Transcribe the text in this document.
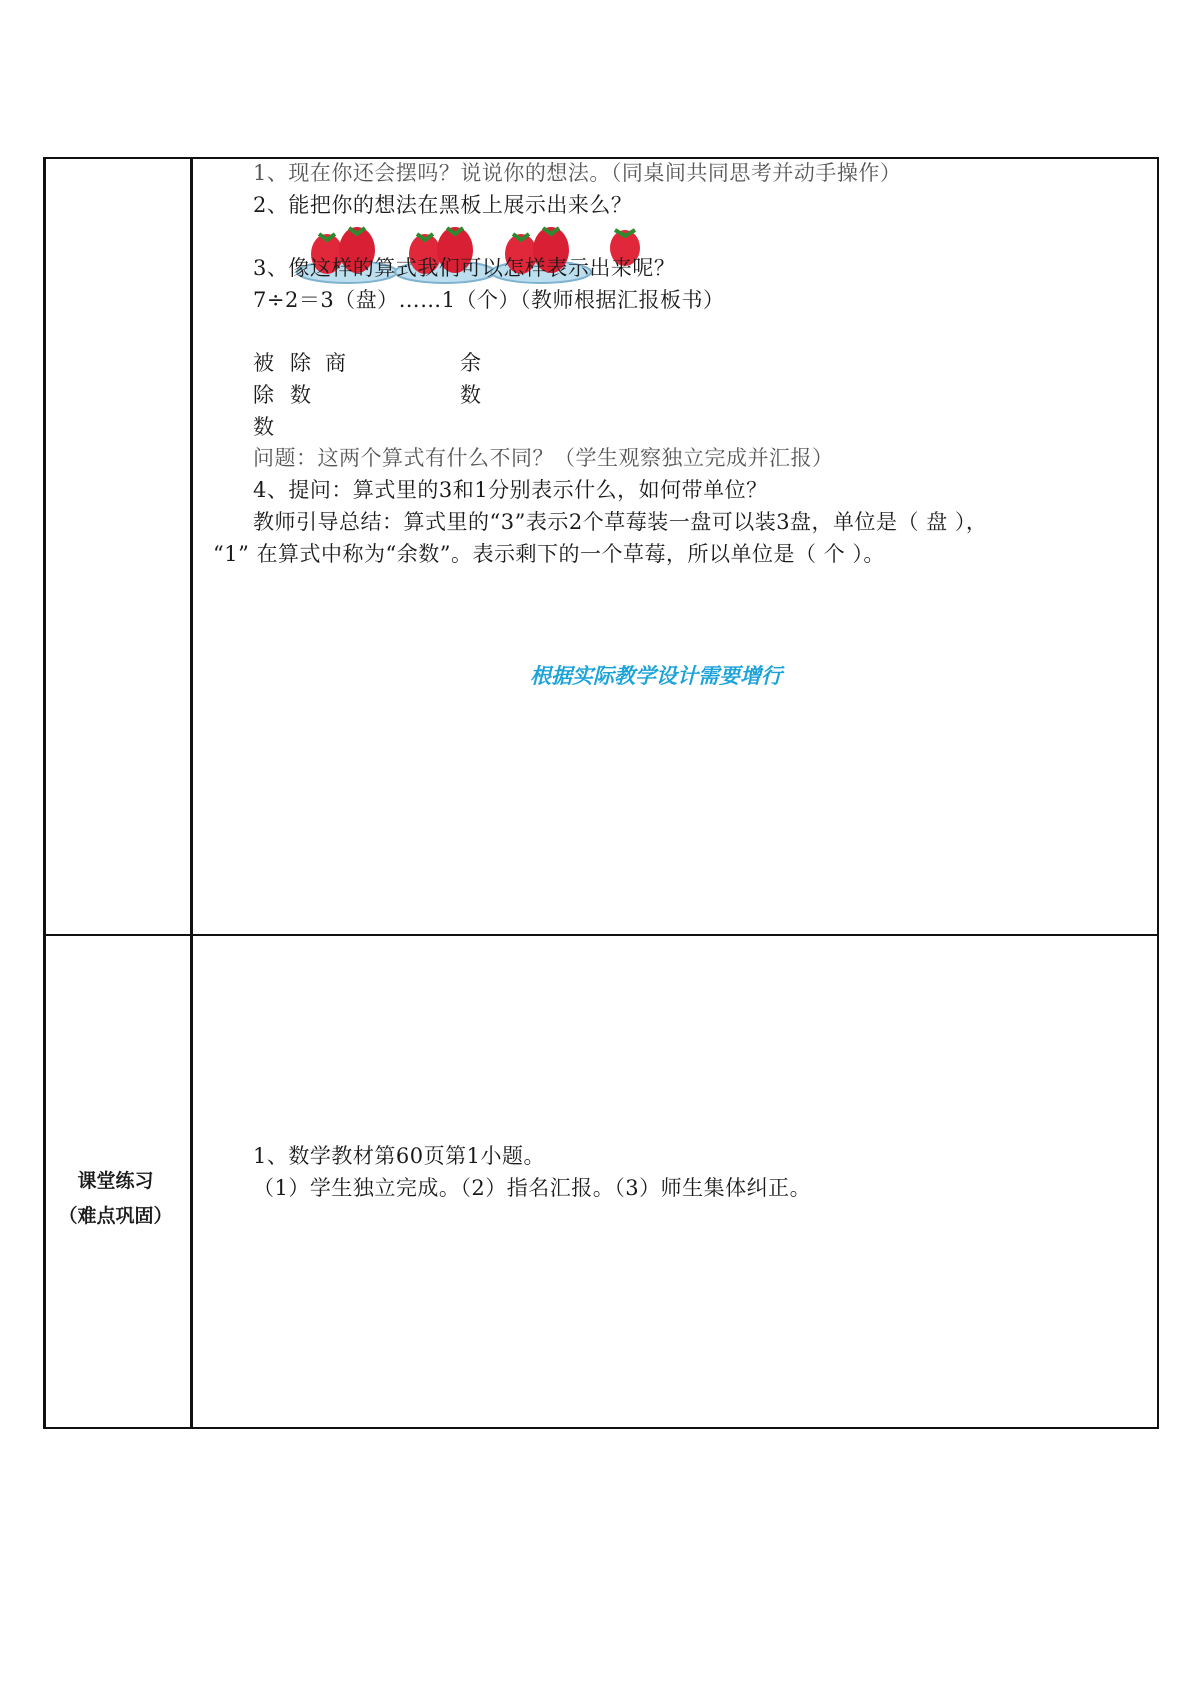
课堂练习
（难点巩固）
1、现在你还会摆吗？说说你的想法。（同桌间共同思考并动手操作）
2、能把你的想法在黑板上展示出来么？
3、像这样的算式我们可以怎样表示出来呢？
7÷2＝3（盘）……1（个）（教师根据汇报板书）
被 除 商	余
除 数	数
数
问题：这两个算式有什么不同？（学生观察独立完成并汇报）
4、提问：算式里的3和1分别表示什么，如何带单位？
教师引导总结：算式里的“3”表示2个草莓装一盘可以装3盘，单位是（ 盘 ），
“1” 在算式中称为“余数”。表示剩下的一个草莓，所以单位是（ 个 ）。
根据实际教学设计需要增行
1、数学教材第60页第1小题。
（1）学生独立完成。（2）指名汇报。（3）师生集体纠正。
